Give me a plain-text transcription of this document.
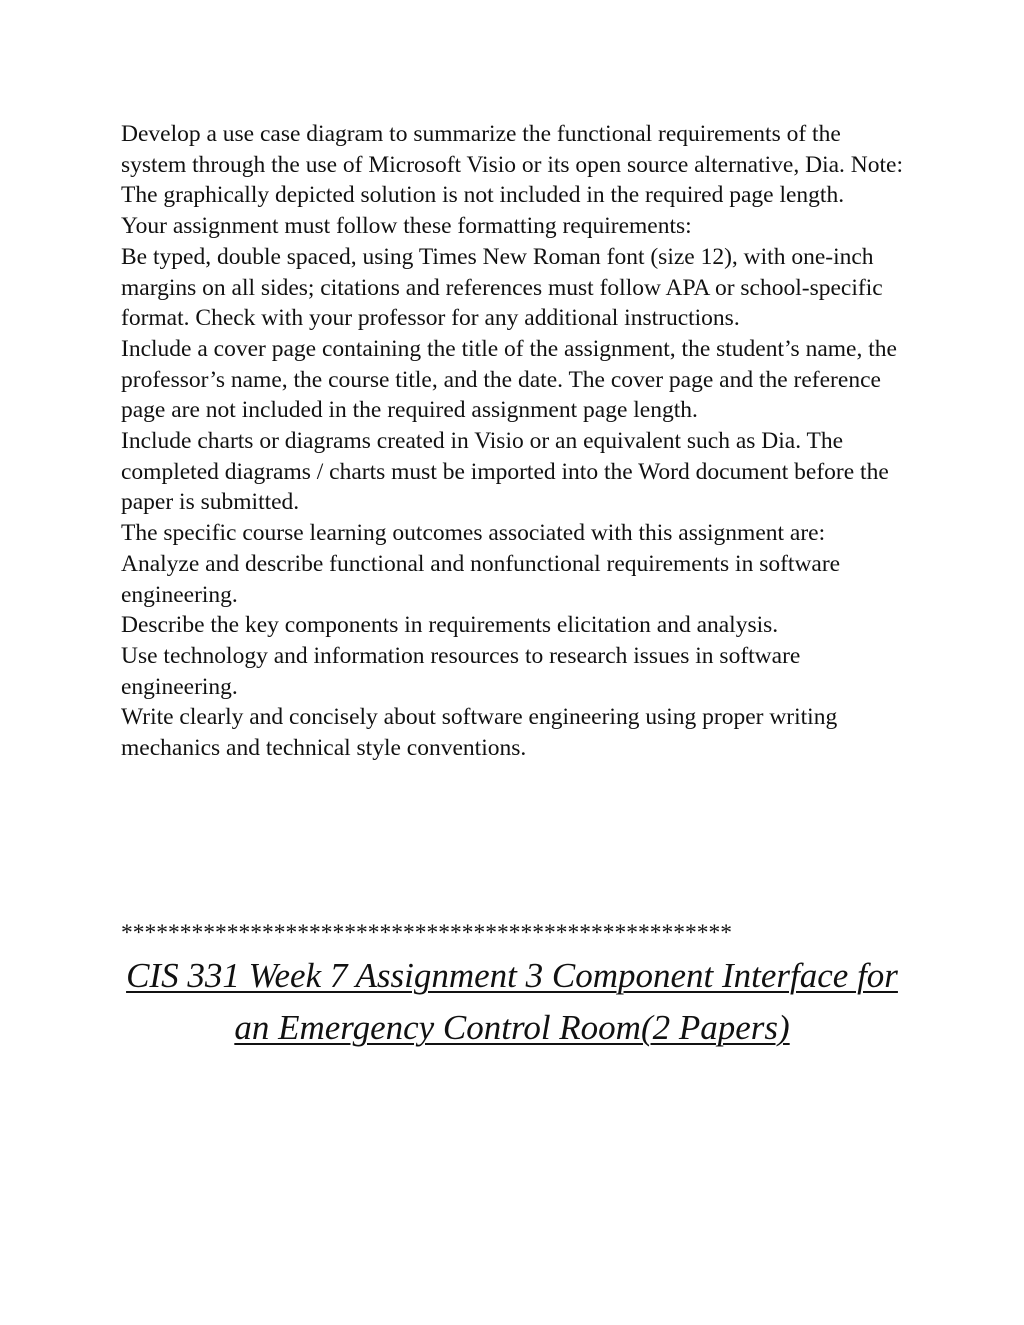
Develop a use case diagram to summarize the functional requirements of the system through the use of Microsoft Visio or its open source alternative, Dia. Note: The graphically depicted solution is not included in the required page length.

Your assignment must follow these formatting requirements:

Be typed, double spaced, using Times New Roman font (size 12), with one-inch margins on all sides; citations and references must follow APA or school-specific format. Check with your professor for any additional instructions.

Include a cover page containing the title of the assignment, the student’s name, the professor’s name, the course title, and the date. The cover page and the reference page are not included in the required assignment page length.

Include charts or diagrams created in Visio or an equivalent such as Dia. The completed diagrams / charts must be imported into the Word document before the paper is submitted.

The specific course learning outcomes associated with this assignment are:

Analyze and describe functional and nonfunctional requirements in software engineering.

Describe the key components in requirements elicitation and analysis.

Use technology and information resources to research issues in software engineering.

Write clearly and concisely about software engineering using proper writing mechanics and technical style conventions.

****************************************************
CIS 331 Week 7 Assignment 3 Component Interface for an Emergency Control Room(2 Papers)
